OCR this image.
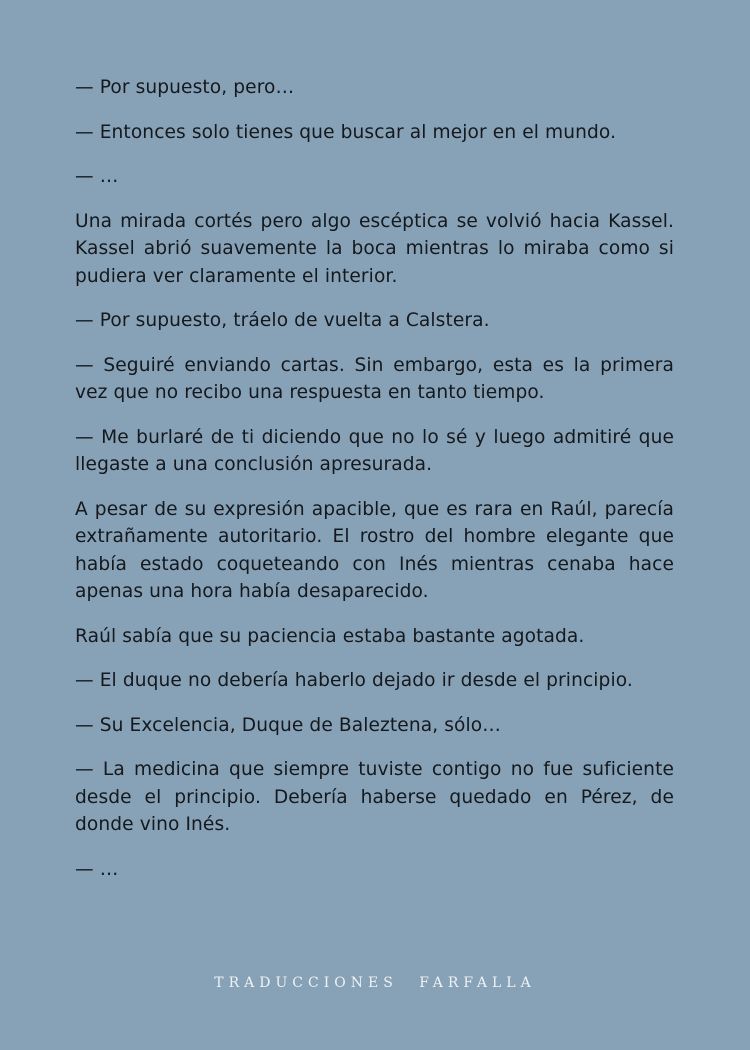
— Por supuesto, pero…

— Entonces solo tienes que buscar al mejor en el mundo.

— …

Una mirada cortés pero algo escéptica se volvió hacia Kassel. Kassel abrió suavemente la boca mientras lo miraba como si pudiera ver claramente el interior.

— Por supuesto, tráelo de vuelta a Calstera.

— Seguiré enviando cartas. Sin embargo, esta es la primera vez que no recibo una respuesta en tanto tiempo.

— Me burlaré de ti diciendo que no lo sé y luego admitiré que llegaste a una conclusión apresurada.

A pesar de su expresión apacible, que es rara en Raúl, parecía extrañamente autoritario. El rostro del hombre elegante que había estado coqueteando con Inés mientras cenaba hace apenas una hora había desaparecido.

Raúl sabía que su paciencia estaba bastante agotada.

— El duque no debería haberlo dejado ir desde el principio.

— Su Excelencia, Duque de Baleztena, sólo…

— La medicina que siempre tuviste contigo no fue suficiente desde el principio. Debería haberse quedado en Pérez, de donde vino Inés.

— …

TRADUCCIONES FARFALLA
